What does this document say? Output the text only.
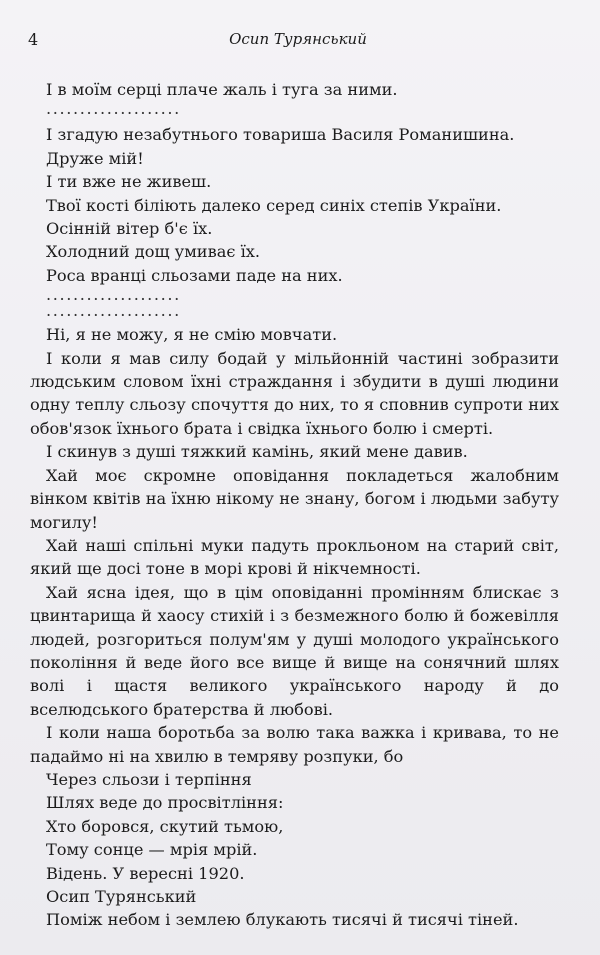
4	Осип Турянський

І в моїм серці плаче жаль і туга за ними.

....................

І згадую незабутнього товариша Василя Романишина.

Друже мій!

І ти вже не живеш.

Твої кості біліють далеко серед синіх степів України.

Осінній вітер б'є їх.

Холодний дощ умиває їх.

Роса вранці сльозами паде на них.

....................

....................

Ні, я не можу, я не смію мовчати.

І коли я мав силу бодай у мільйонній частині зобразити людським словом їхні страждання і збудити в душі людини одну теплу сльозу спочуття до них, то я сповнив супроти них обов'язок їхнього брата і свідка їхнього болю і смерті.

І скинув з душі тяжкий камінь, який мене давив.

Хай моє скромне оповідання покладеться жалобним вінком квітів на їхню нікому не знану, богом і людьми забуту могилу!

Хай наші спільні муки падуть прокльоном на старий світ, який ще досі тоне в морі крові й нікчемності.

Хай ясна ідея, що в цім оповіданні промінням блискає з цвинтарища й хаосу стихій і з безмежного болю й божевілля людей, розгориться полум'ям у душі молодого українського покоління й веде його все вище й вище на сонячний шлях волі і щастя великого українського народу й до вселюдського братерства й любові.

І коли наша боротьба за волю така важка і кривава, то не падаймо ні на хвилю в темряву розпуки, бо

Через сльози і терпіння

Шлях веде до просвітління:

Хто боровся, скутий тьмою,

Тому сонце — мрія мрій.

Відень. У вересні 1920.

Осип Турянський

Поміж небом і землею блукають тисячі й тисячі тіней.
